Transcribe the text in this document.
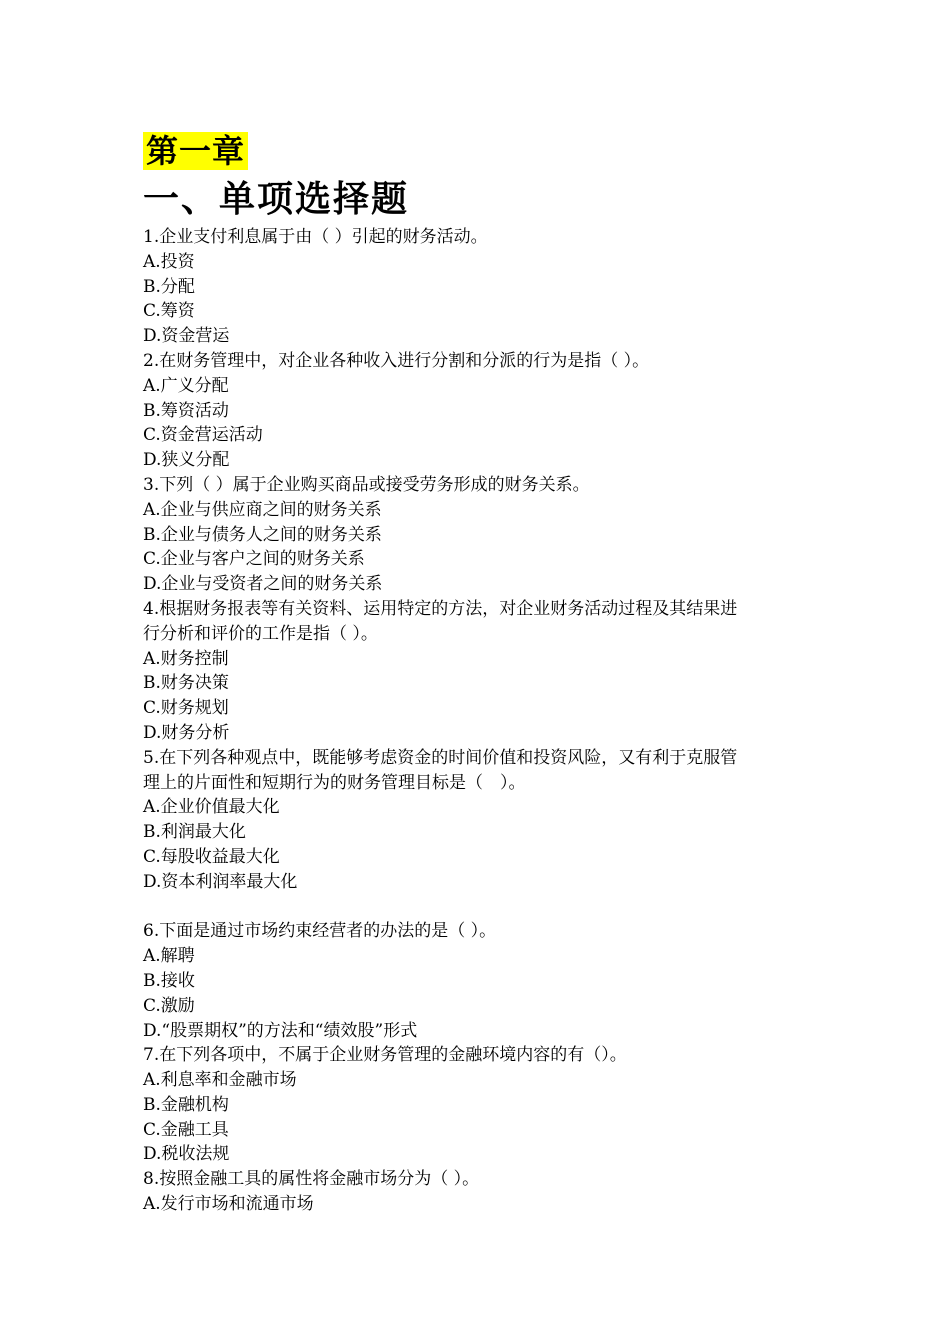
第一章
一、单项选择题
1.企业支付利息属于由（ ）引起的财务活动。
A.投资
B.分配
C.筹资
D.资金营运
2.在财务管理中，对企业各种收入进行分割和分派的行为是指（ ）。
A.广义分配
B.筹资活动
C.资金营运活动
D.狭义分配
3.下列（ ）属于企业购买商品或接受劳务形成的财务关系。
A.企业与供应商之间的财务关系
B.企业与债务人之间的财务关系
C.企业与客户之间的财务关系
D.企业与受资者之间的财务关系
4.根据财务报表等有关资料、运用特定的方法，对企业财务活动过程及其结果进
行分析和评价的工作是指（ ）。
A.财务控制
B.财务决策
C.财务规划
D.财务分析
5.在下列各种观点中，既能够考虑资金的时间价值和投资风险，又有利于克服管
理上的片面性和短期行为的财务管理目标是（　）。
A.企业价值最大化
B.利润最大化
C.每股收益最大化
D.资本利润率最大化
6.下面是通过市场约束经营者的办法的是（ ）。
A.解聘
B.接收
C.激励
D.“股票期权”的方法和“绩效股”形式
7.在下列各项中，不属于企业财务管理的金融环境内容的有（）。
A.利息率和金融市场
B.金融机构
C.金融工具
D.税收法规
8.按照金融工具的属性将金融市场分为（ ）。
A.发行市场和流通市场
